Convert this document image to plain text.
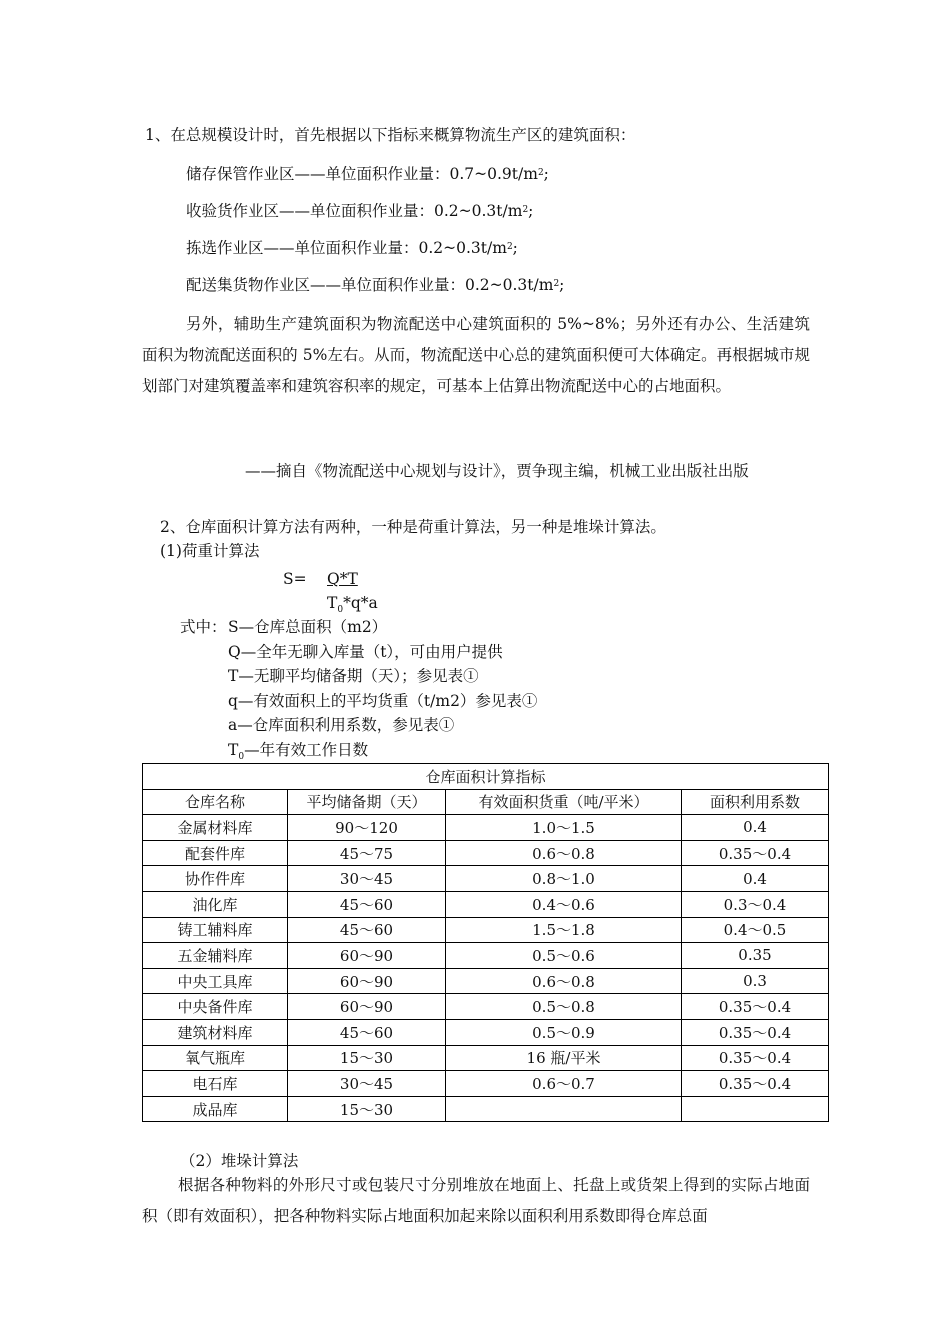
1、在总规模设计时，首先根据以下指标来概算物流生产区的建筑面积：
储存保管作业区——单位面积作业量：$0.7\sim 0.9t/m^2$;
收验货作业区——单位面积作业量：$0.2\sim 0.3t/m^2$;
拣选作业区——单位面积作业量：$0.2\sim 0.3t/m^2$;
配送集货物作业区——单位面积作业量：$0.2\sim 0.3t/m^2$;
另外，辅助生产建筑面积为物流配送中心建筑面积的 5%~8%；另外还有办公、生活建筑面积为物流配送面积的 5%左右。从而，物流配送中心总的建筑面积便可大体确定。再根据城市规划部门对建筑覆盖率和建筑容积率的规定，可基本上估算出物流配送中心的占地面积。
——摘自《物流配送中心规划与设计》，贾争现主编，机械工业出版社出版
2、仓库面积计算方法有两种，一种是荷重计算法，另一种是堆垛计算法。
(1)荷重计算法
S= Q*T
$T_0*q*a$
式中： S—仓库总面积（m2）
Q—全年无聊入库量（t），可由用户提供
T—无聊平均储备期（天）；参见表①
q—有效面积上的平均货重（t/m2）参见表①
a—仓库面积利用系数，参见表①
$T_0—$年有效工作日数
仓库面积计算指标			
仓库名称	平均储备期（天）	有效面积货重（吨/平米）	面积利用系数
金属材料库	90～120	1.0～1.5	0.4
配套件库	45～75	0.6～0.8	0.35～0.4
协作件库	30～45	0.8～1.0	0.4
油化库	45～60	0.4～0.6	0.3～0.4
铸工辅料库	45～60	1.5～1.8	0.4～0.5
五金辅料库	60～90	0.5～0.6	0.35
中央工具库	60～90	0.6～0.8	0.3
中央备件库	60～90	0.5～0.8	0.35～0.4
建筑材料库	45～60	0.5～0.9	0.35～0.4
氧气瓶库	15～30	16 瓶/平米	0.35～0.4
电石库	30～45	0.6～0.7	0.35～0.4
成品库	15～30		
（2）堆垛计算法
根据各种物料的外形尺寸或包装尺寸分别堆放在地面上、托盘上或货架上得到的实际占地面积（即有效面积），把各种物料实际占地面积加起来除以面积利用系数即得仓库总面
